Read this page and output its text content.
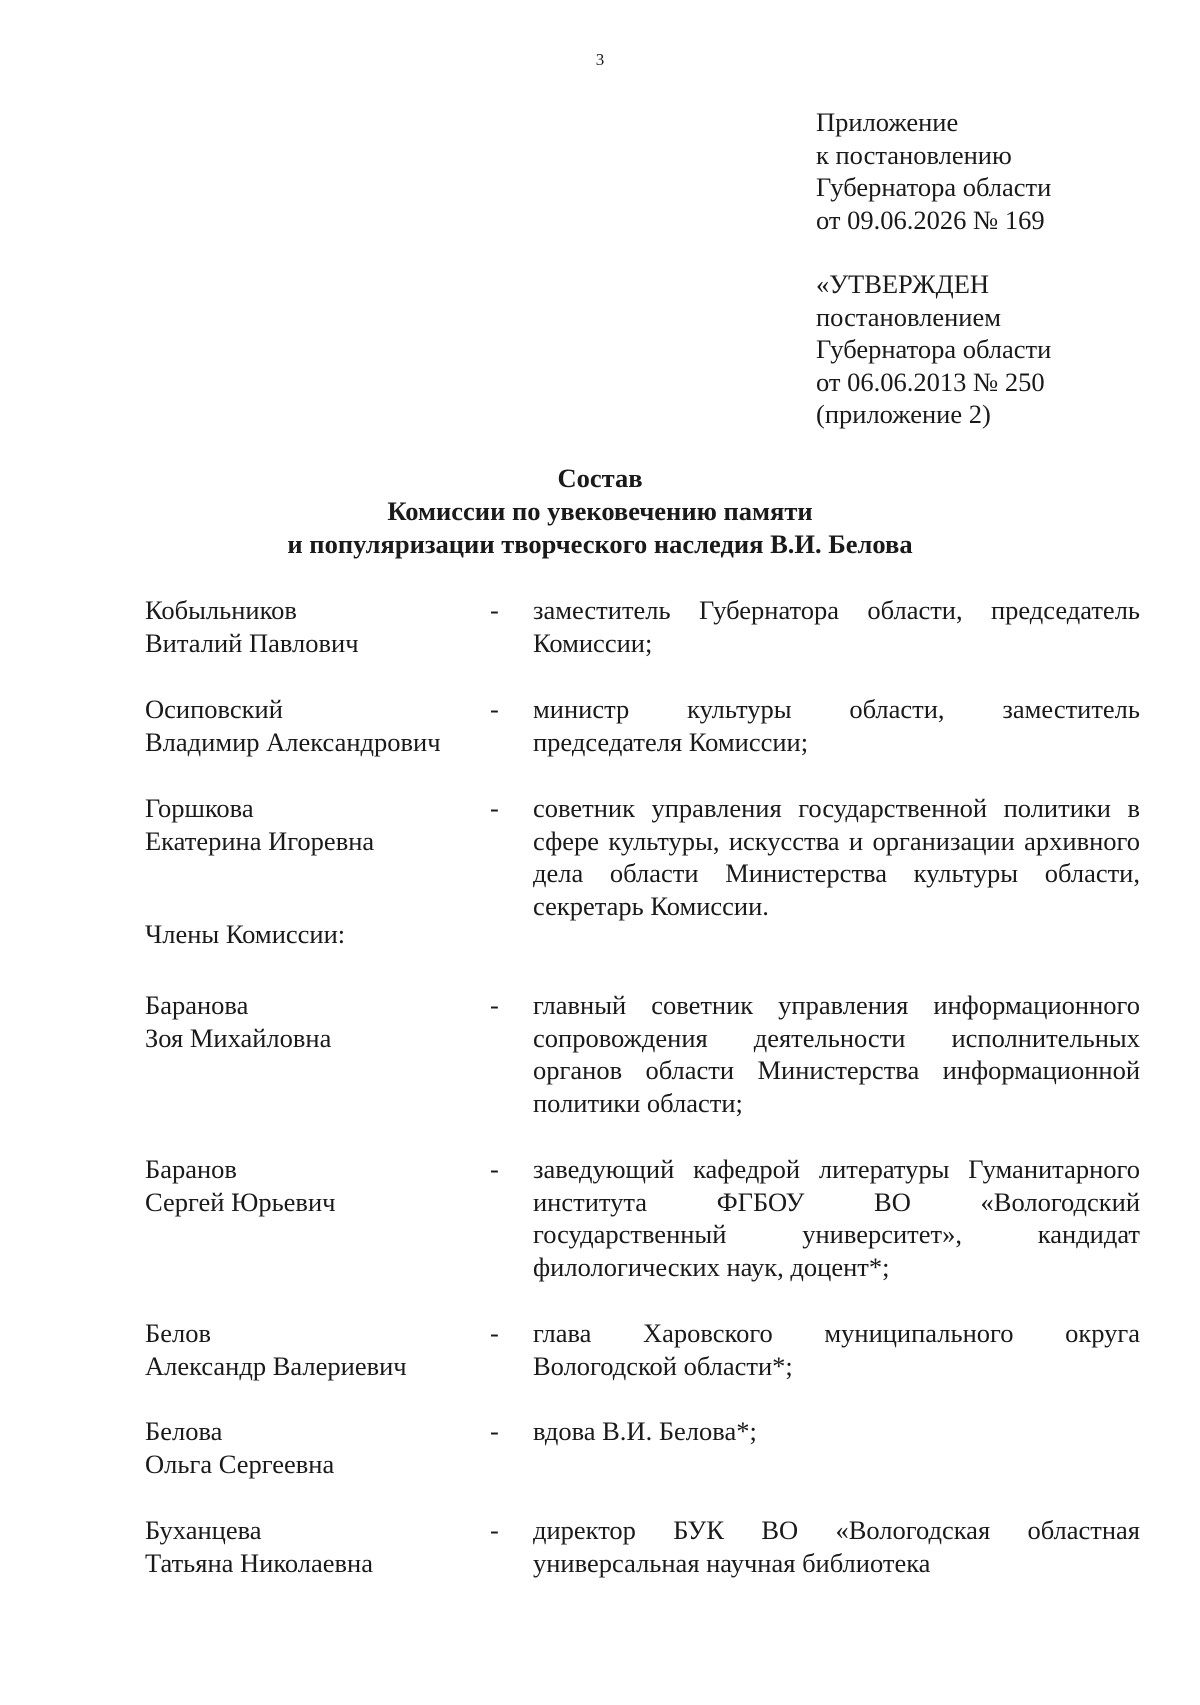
3
Приложение
к постановлению
Губернатора области
от 09.06.2026 № 169
«УТВЕРЖДЕН
постановлением
Губернатора области
от 06.06.2013 № 250
(приложение 2)
Состав
Комиссии по увековечению памяти
и популяризации творческого наследия В.И. Белова
Кобыльников
Виталий Павлович
- заместитель Губернатора области, председатель Комиссии;
Осиповский
Владимир Александрович
- министр культуры области, заместитель председателя Комиссии;
Горшкова
Екатерина Игоревна
- советник управления государственной политики в сфере культуры, искусства и организации архивного дела области Министерства культуры области, секретарь Комиссии.
Члены Комиссии:
Баранова
Зоя Михайловна
- главный советник управления информационного сопровождения деятельности исполнительных органов области Министерства информационной политики области;
Баранов
Сергей Юрьевич
- заведующий кафедрой литературы Гуманитарного института ФГБОУ ВО «Вологодский государственный университет», кандидат филологических наук, доцент*;
Белов
Александр Валериевич
- глава Харовского муниципального округа Вологодской области*;
Белова
Ольга Сергеевна
- вдова В.И. Белова*;
Буханцева
Татьяна Николаевна
- директор БУК ВО «Вологодская областная универсальная научная библиотека
